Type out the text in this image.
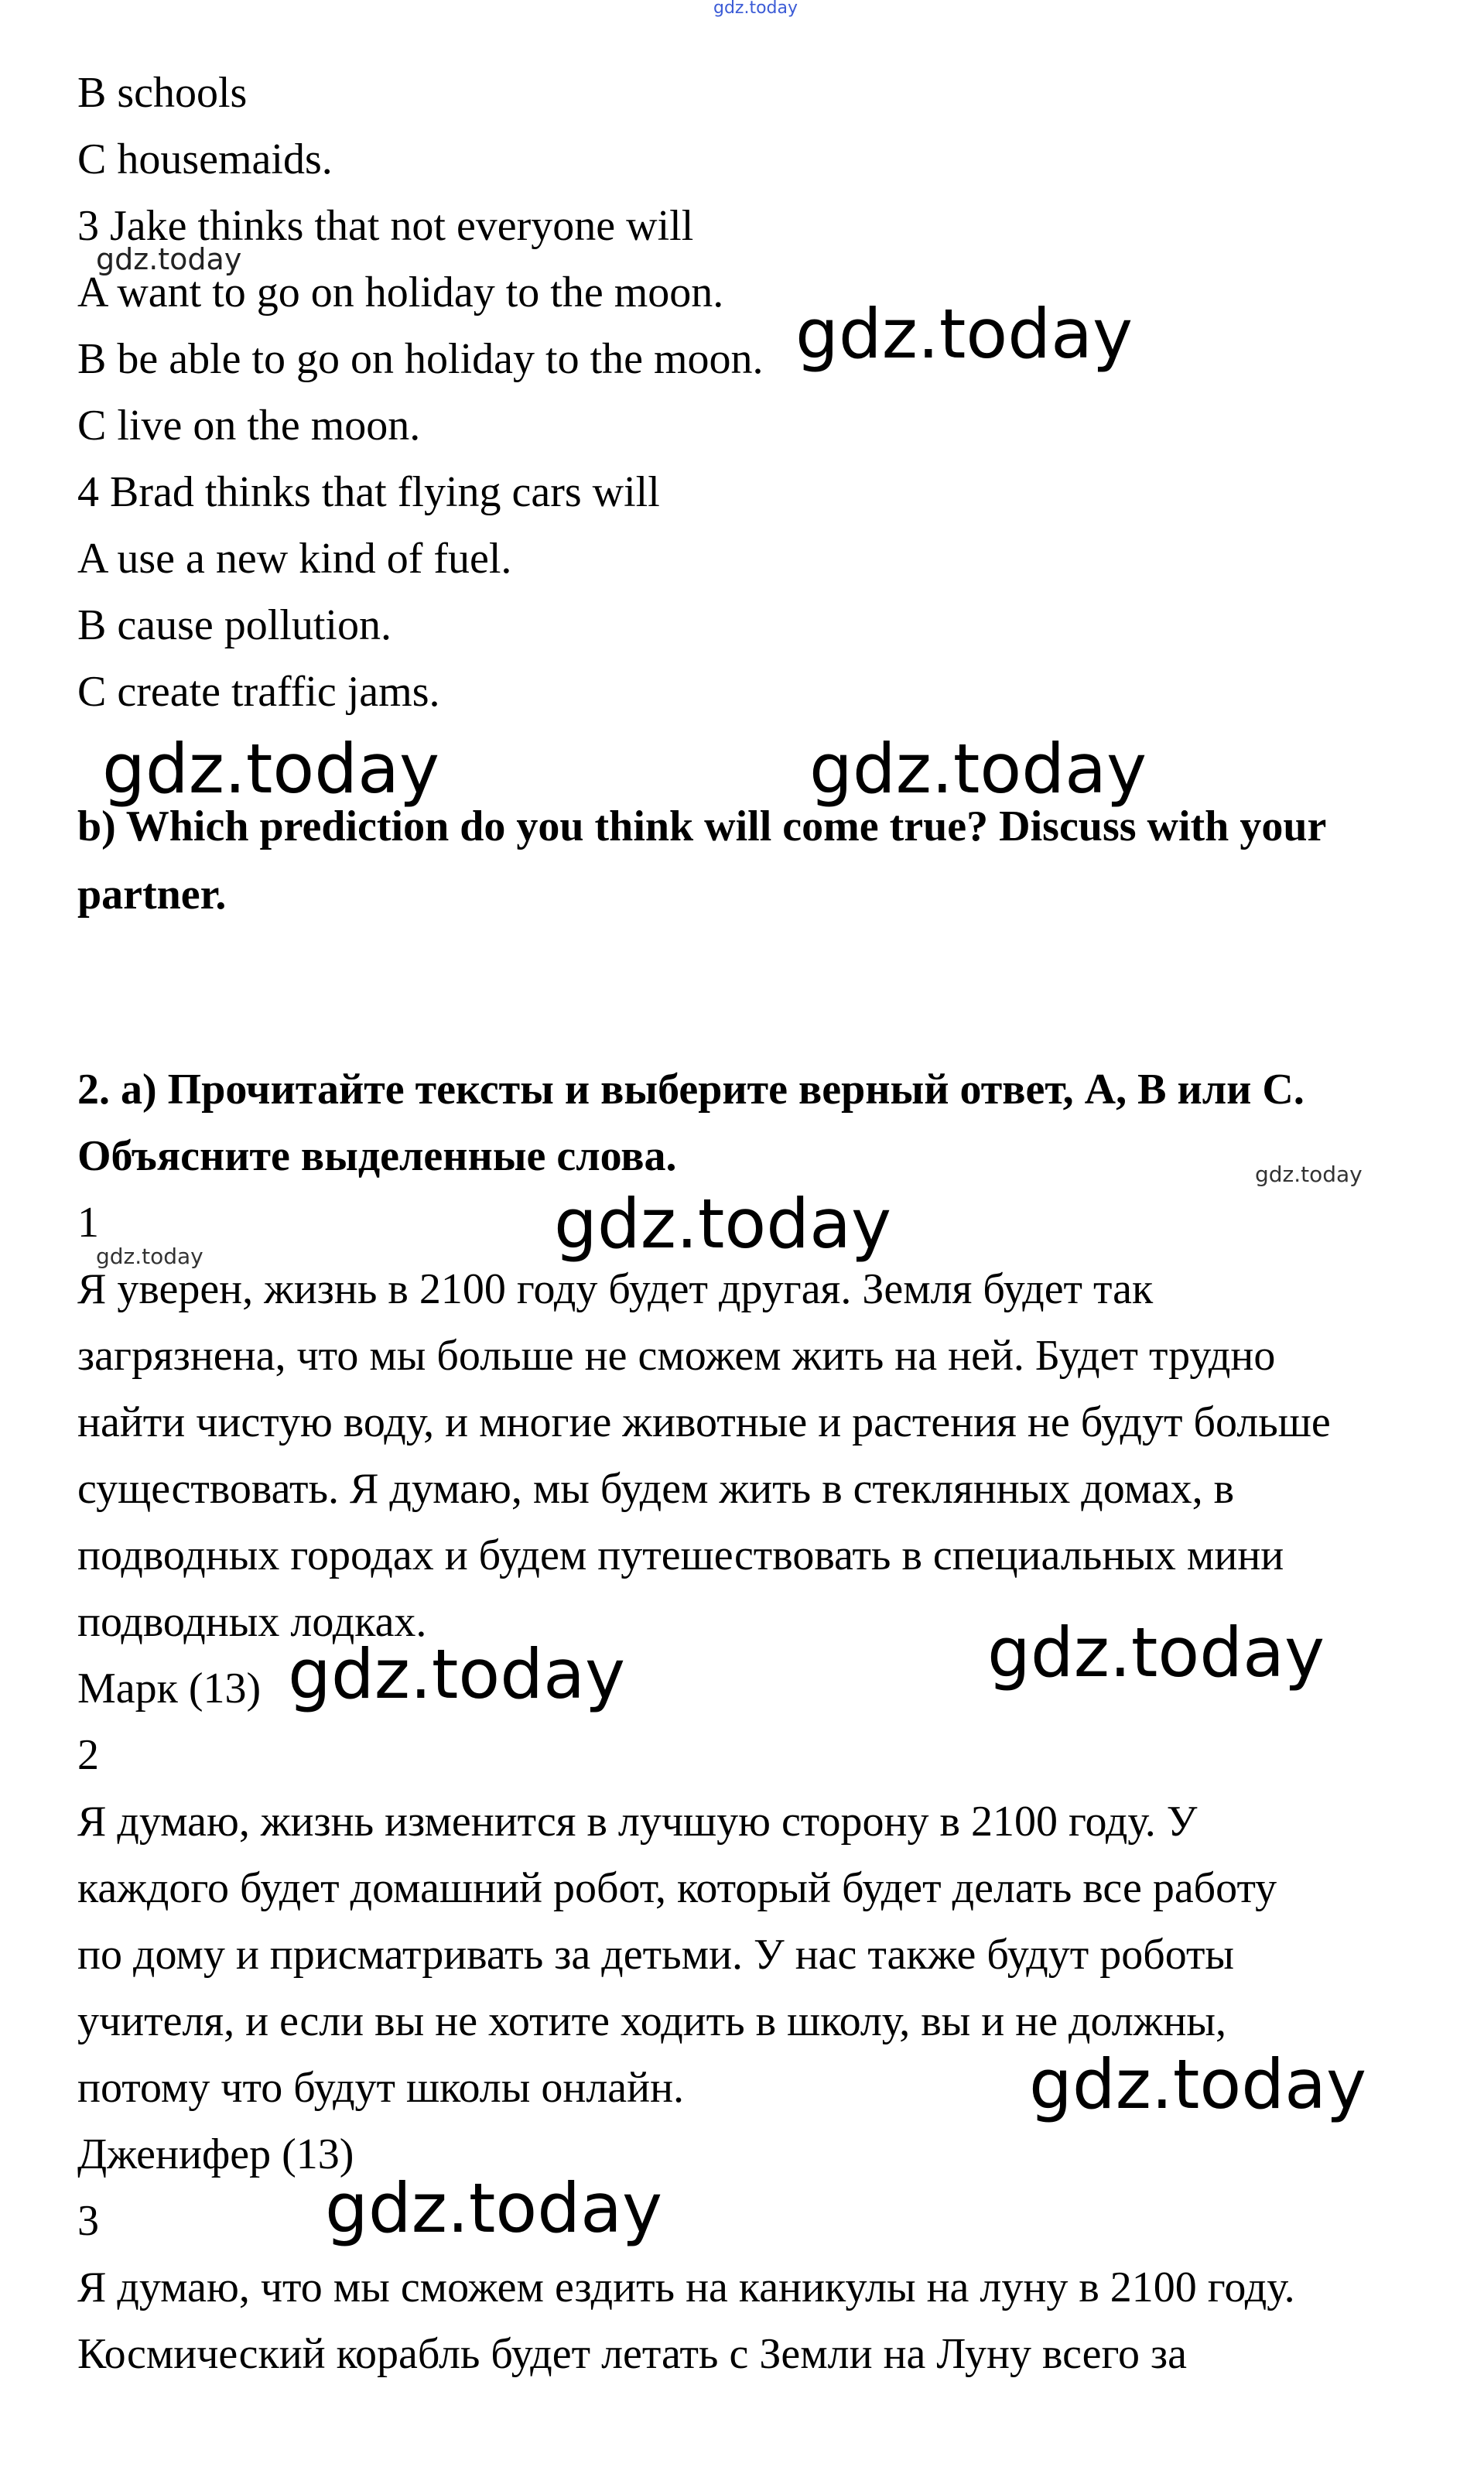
gdz.today
B schools
C housemaids.
3 Jake thinks that not everyone will
A want to go on holiday to the moon.
B be able to go on holiday to the moon.
C live on the moon.
4 Brad thinks that flying cars will
A use a new kind of fuel.
B cause pollution.
C create traffic jams.
b) Which prediction do you think will come true? Discuss with your
partner.
2. а) Прочитайте тексты и выберите верный ответ, А, В или С.
Объясните выделенные слова.
1
Я уверен, жизнь в 2100 году будет другая. Земля будет так
загрязнена, что мы больше не сможем жить на ней. Будет трудно
найти чистую воду, и многие животные и растения не будут больше
существовать. Я думаю, мы будем жить в стеклянных домах, в
подводных городах и будем путешествовать в специальных мини
подводных лодках.
Марк (13)
2
Я думаю, жизнь изменится в лучшую сторону в 2100 году. У
каждого будет домашний робот, который будет делать все работу
по дому и присматривать за детьми. У нас также будут роботы
учителя, и если вы не хотите ходить в школу, вы и не должны,
потому что будут школы онлайн.
Дженифер (13)
3
Я думаю, что мы сможем ездить на каникулы на луну в 2100 году.
Космический корабль будет летать с Земли на Луну всего за
gdz.today
gdz.today
gdz.today	gdz.today
gdz.today
gdz.today
gdz.today
gdz.today	gdz.today
gdz.today
gdz.today
